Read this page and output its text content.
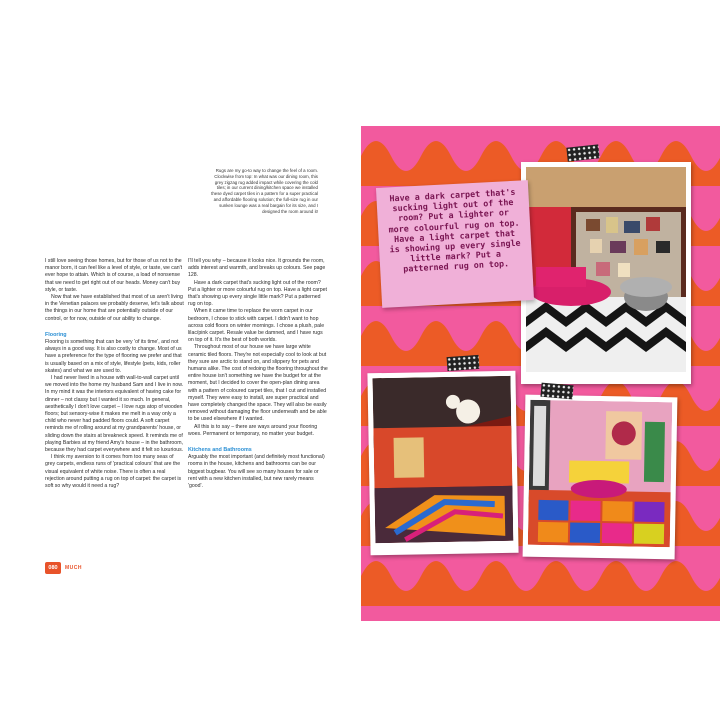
Rugs are my go-to way to change the feel of a room. Clockwise from top: In what was our dining room, this grey zigzag rug added impact while covering the cold tiles; in our current dining/kitchen space we installed these dyed carpet tiles in a pattern for a super practical and affordable flooring solution; the full-size rug in our sunken lounge was a real bargain for its size, and I designed the room around it!

I still love seeing those homes, but for those of us not to the manor born, it can feel like a level of style, or taste, we can't ever hope to attain. Which is of course, a load of nonsense that we need to get right out of our heads. Money can't buy style, or taste.

Now that we have established that most of us aren't living in the Venetian palaces we probably deserve, let's talk about the things in our home that are potentially outside of our control, or for now, outside of our ability to change.

Flooring

Flooring is something that can be very 'of its time', and not always in a good way. It is also costly to change. Most of us have a preference for the type of flooring we prefer and that is usually based on a mix of style, lifestyle (pets, kids, roller skates) and what we are used to.

I had never lived in a house with wall-to-wall carpet until we moved into the home my husband Sam and I live in now. In my mind it was the interiors equivalent of having cake for dinner – not classy but I wanted it so much. In general, aesthetically I don't love carpet – I love rugs atop of wooden floors; but sensory-wise it makes me melt in a way only a child who never had padded floors could. A soft carpet reminds me of rolling around at my grandparents' house, or sliding down the stairs at breakneck speed. It reminds me of playing Barbies at my friend Amy's house – in the bathroom, because they had carpet everywhere and it felt so luxurious.

I think my aversion to it comes from too many seas of grey carpets, endless runs of 'practical colours' that are the visual equivalent of white noise. There is often a real rejection around putting a rug on top of carpet: the carpet is soft so why would it need a rug?

I'll tell you why – because it looks nice. It grounds the room, adds interest and warmth, and breaks up colours. See page 128.

Have a dark carpet that's sucking light out of the room? Put a lighter or more colourful rug on top. Have a light carpet that's showing up every single little mark? Put a patterned rug on top.

When it came time to replace the worn carpet in our bedroom, I chose to stick with carpet. I didn't want to hop across cold floors on winter mornings. I chose a plush, pale lilac/pink carpet. Resale value be damned, and I have rugs on top of it. It's the best of both worlds.

Throughout most of our house we have large white ceramic tiled floors. They're not especially cool to look at but they sure are arctic to stand on, and slippery for pets and humans alike. The cost of redoing the flooring throughout the entire house isn't something we have the budget for at the moment, but I decided to cover the open-plan dining area with a pattern of coloured carpet tiles, that I cut and installed myself. They were easy to install, are super practical and have completely changed the space. They will also be easily removed without damaging the floor underneath and be able to be used elsewhere if I wanted.

All this is to say – there are ways around your flooring woes. Permanent or temporary, no matter your budget.

Kitchens and Bathrooms

Arguably the most important (and definitely most functional) rooms in the house, kitchens and bathrooms can be our biggest bugbear. You will see so many houses for sale or rent with a new kitchen installed, but new rarely means 'good'.

080	MUCH
Have a dark carpet that's sucking light out of the room? Put a lighter or more colourful rug on top. Have a light carpet that is showing up every single little mark? Put a patterned rug on top.
